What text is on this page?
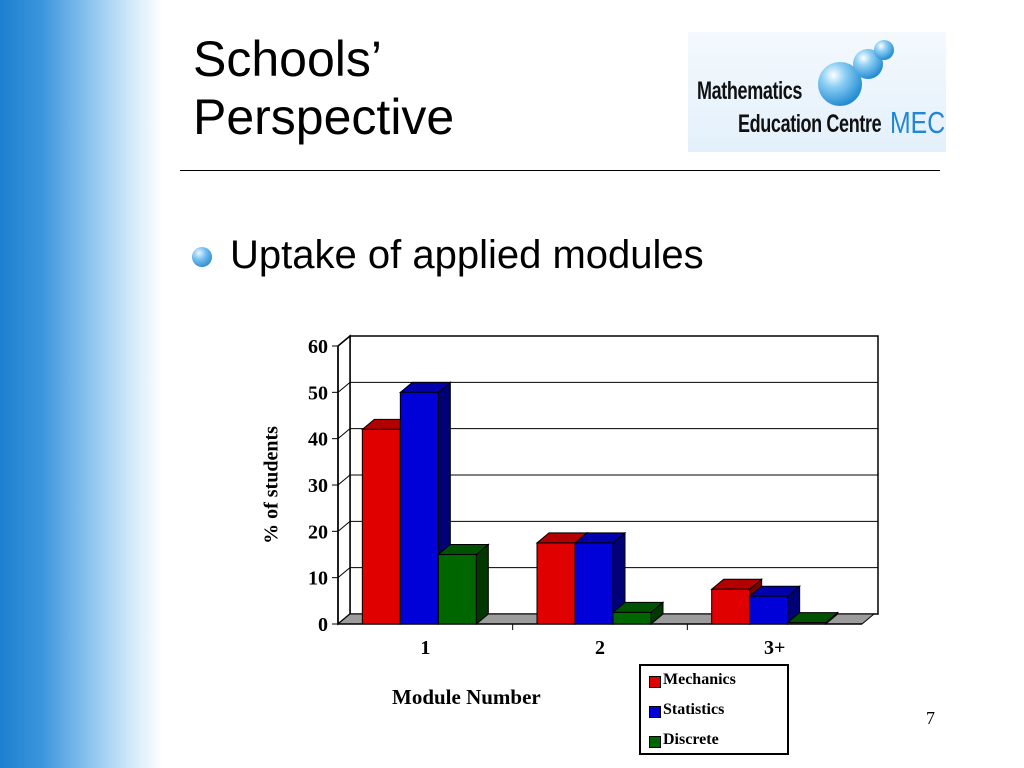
Schools’
Perspective	Mathematics
Education Centre MEC
Uptake of applied modules
0
10
20
30
40
50
60
1	2	3+
% of students
Module Number
Mechanics
Statistics
Discrete
7
